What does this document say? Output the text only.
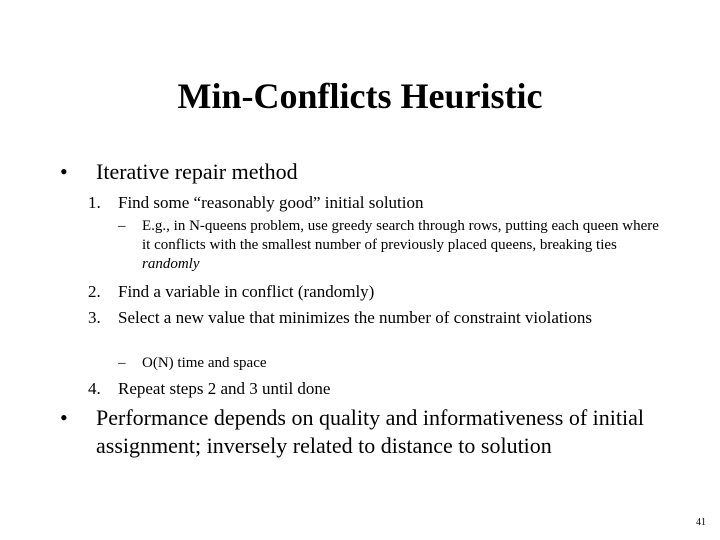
Min-Conflicts Heuristic
• Iterative repair method
1. Find some “reasonably good” initial solution
– E.g., in N-queens problem, use greedy search through rows, putting each queen where it conflicts with the smallest number of previously placed queens, breaking ties randomly
2. Find a variable in conflict (randomly)
3. Select a new value that minimizes the number of constraint violations
– O(N) time and space
4. Repeat steps 2 and 3 until done
• Performance depends on quality and informativeness of initial assignment; inversely related to distance to solution
41
